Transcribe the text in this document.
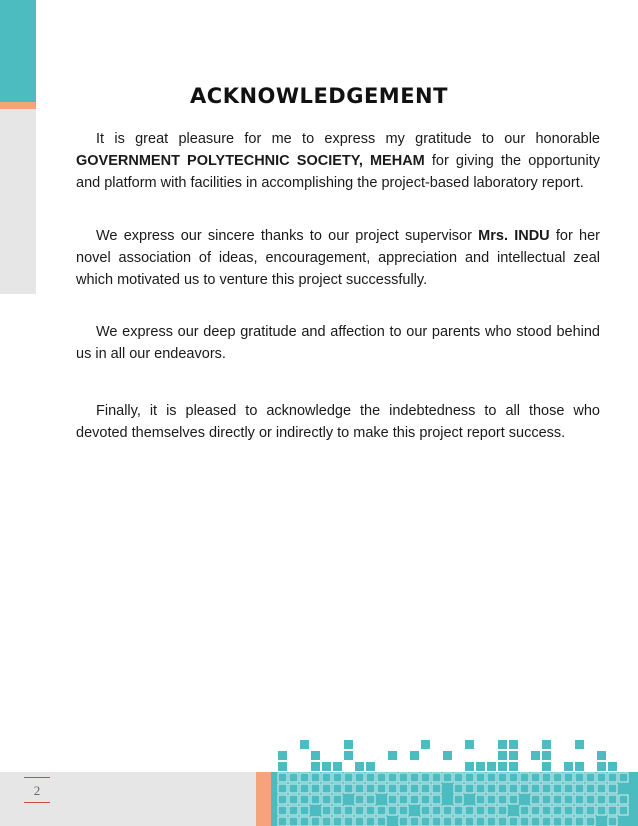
2
ACKNOWLEDGEMENT

It is great pleasure for me to express my gratitude to our honorable GOVERNMENT POLYTECHNIC SOCIETY, MEHAM for giving the opportunity and platform with facilities in accomplishing the project-based laboratory report.

We express our sincere thanks to our project supervisor Mrs. INDU for her novel association of ideas, encouragement, appreciation and intellectual zeal which motivated us to venture this project successfully.

We express our deep gratitude and affection to our parents who stood behind us in all our endeavors.

Finally, it is pleased to acknowledge the indebtedness to all those who devoted themselves directly or indirectly to make this project report success.
